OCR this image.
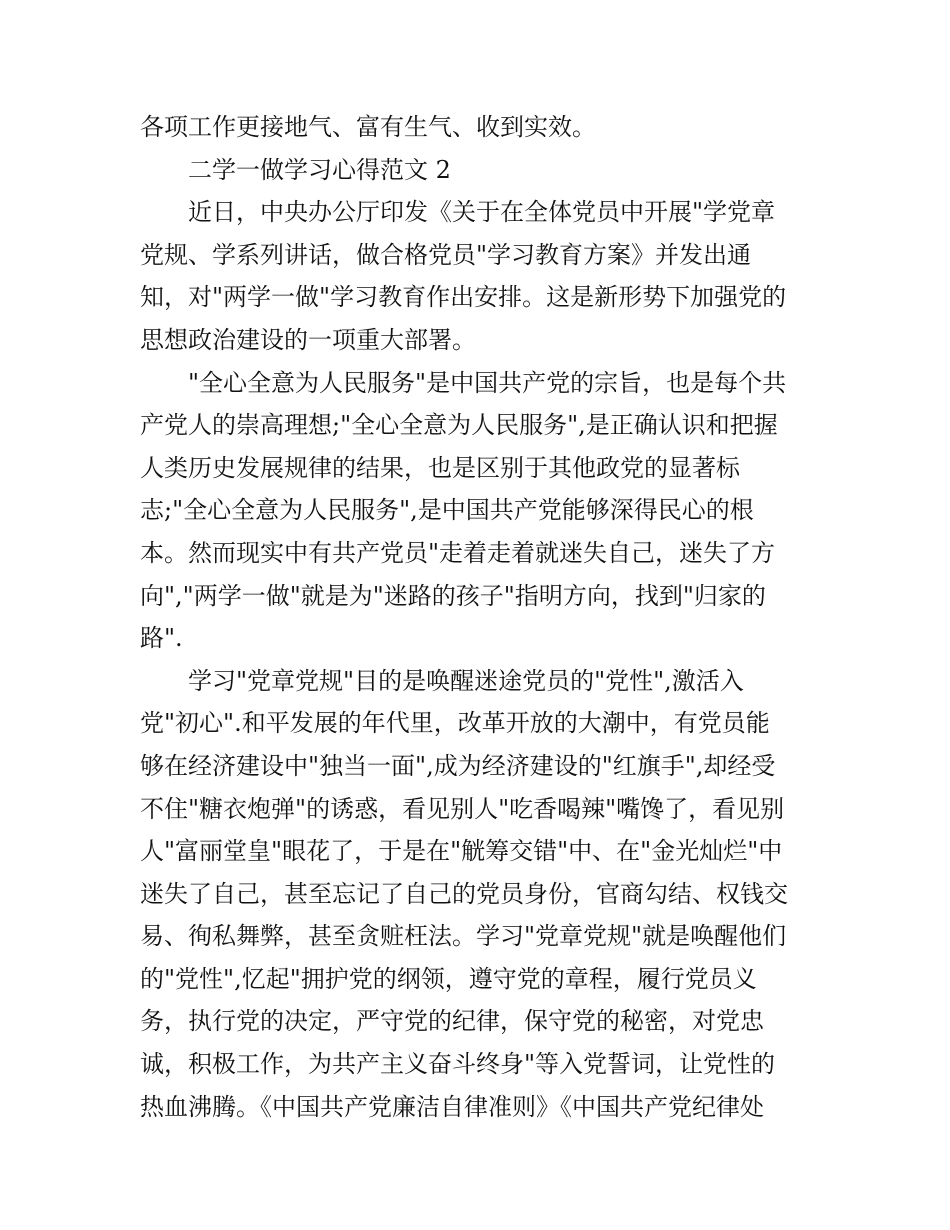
各项工作更接地气、富有生气、收到实效。
二学一做学习心得范文 2
近日，中央办公厅印发《关于在全体党员中开展"学党章
党规、学系列讲话，做合格党员"学习教育方案》并发出通
知，对"两学一做"学习教育作出安排。这是新形势下加强党的
思想政治建设的一项重大部署。
"全心全意为人民服务"是中国共产党的宗旨，也是每个共
产党人的崇高理想;"全心全意为人民服务",是正确认识和把握
人类历史发展规律的结果，也是区别于其他政党的显著标
志;"全心全意为人民服务",是中国共产党能够深得民心的根
本。然而现实中有共产党员"走着走着就迷失自己，迷失了方
向","两学一做"就是为"迷路的孩子"指明方向，找到"归家的
路".
学习"党章党规"目的是唤醒迷途党员的"党性",激活入
党"初心".和平发展的年代里，改革开放的大潮中，有党员能
够在经济建设中"独当一面",成为经济建设的"红旗手",却经受
不住"糖衣炮弹"的诱惑，看见别人"吃香喝辣"嘴馋了，看见别
人"富丽堂皇"眼花了，于是在"觥筹交错"中、在"金光灿烂"中
迷失了自己，甚至忘记了自己的党员身份，官商勾结、权钱交
易、徇私舞弊，甚至贪赃枉法。学习"党章党规"就是唤醒他们
的"党性",忆起"拥护党的纲领，遵守党的章程，履行党员义
务，执行党的决定，严守党的纪律，保守党的秘密，对党忠
诚，积极工作，为共产主义奋斗终身"等入党誓词，让党性的
热血沸腾。《中国共产党廉洁自律准则》《中国共产党纪律处
